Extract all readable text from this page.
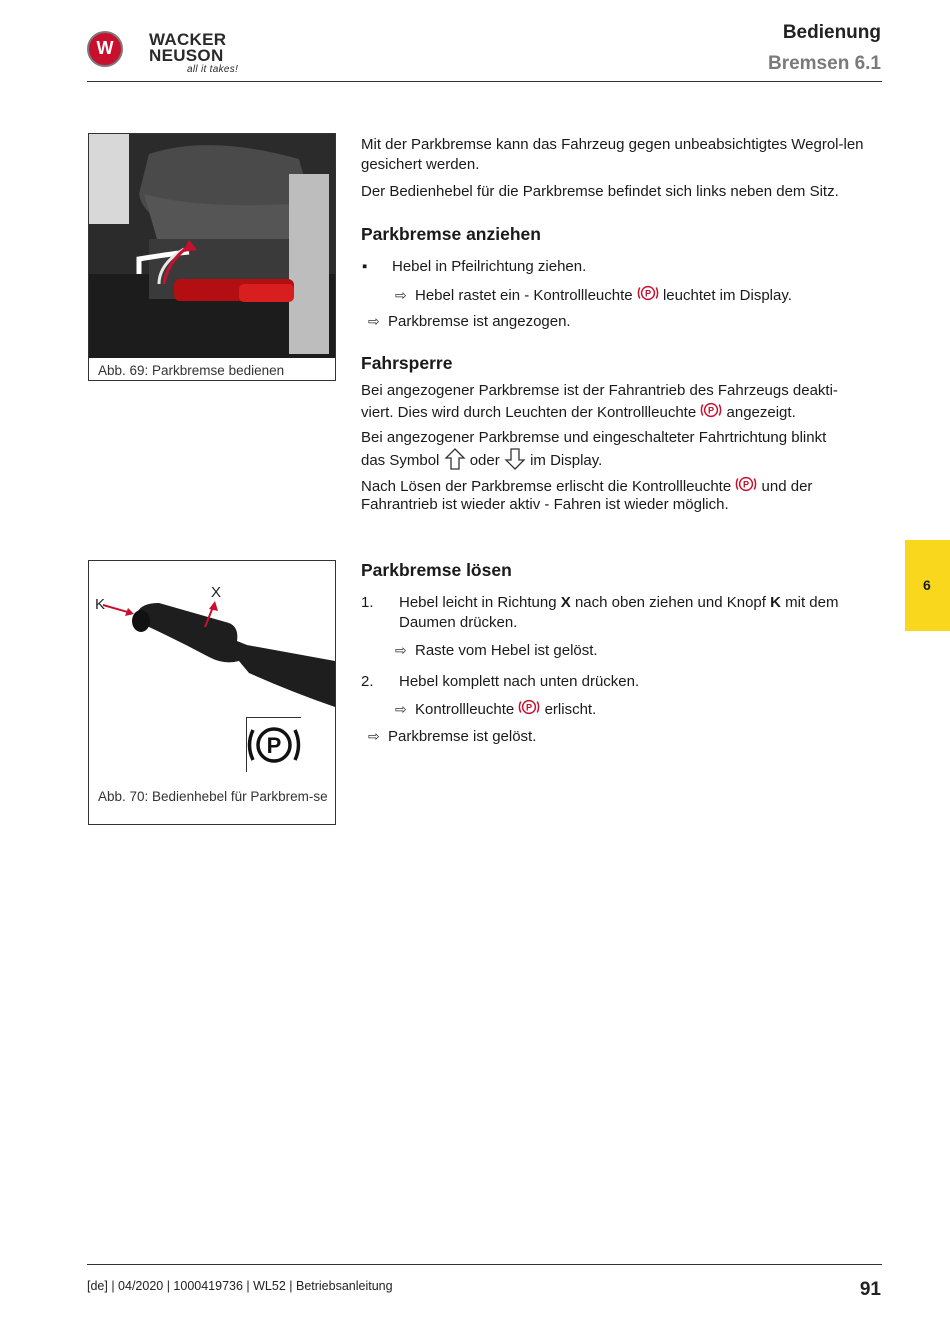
W	WACKER
NEUSON
all it takes!
Bedienung
Bremsen 6.1
Abb. 69: Parkbremse bedienen
K
X
P
Abb. 70: Bedienhebel für Parkbrem-se
Mit der Parkbremse kann das Fahrzeug gegen unbeabsichtigtes Wegrol-len gesichert werden.
Der Bedienhebel für die Parkbremse befindet sich links neben dem Sitz.
Parkbremse anziehen
▪ Hebel in Pfeilrichtung ziehen.
⇨ Hebel rastet ein - Kontrollleuchte P leuchtet im Display.
⇨ Parkbremse ist angezogen.
Fahrsperre
Bei angezogener Parkbremse ist der Fahrantrieb des Fahrzeugs deakti-
viert. Dies wird durch Leuchten der Kontrollleuchte P angezeigt.
Bei angezogener Parkbremse und eingeschalteter Fahrtrichtung blinkt
das Symbol oder im Display.
Nach Lösen der Parkbremse erlischt die Kontrollleuchte P und der
Fahrantrieb ist wieder aktiv - Fahren ist wieder möglich.
Parkbremse lösen
1. Hebel leicht in Richtung X nach oben ziehen und Knopf K mit dem
Daumen drücken.
⇨ Raste vom Hebel ist gelöst.
2. Hebel komplett nach unten drücken.
⇨ Kontrollleuchte P erlischt.
⇨ Parkbremse ist gelöst.
6
[de] | 04/2020 | 1000419736 | WL52 | Betriebsanleitung	91
